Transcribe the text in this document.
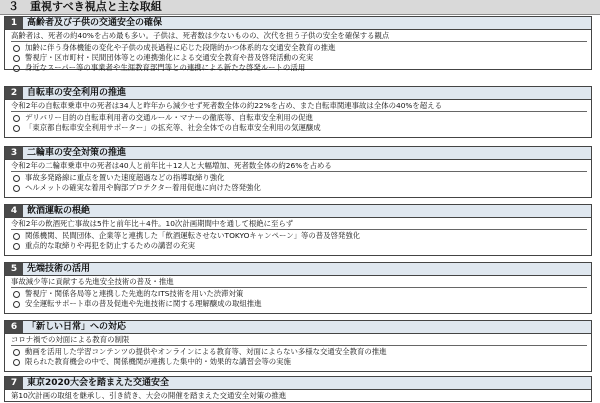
３　重視すべき視点と主な取組
1	高齢者及び子供の交通安全の確保
高齢者は、死者の約40%を占め最も多い。子供は、死者数は少ないものの、次代を担う子供の安全を確保する観点
加齢に伴う身体機能の変化や子供の成長過程に応じた段階的かつ体系的な交通安全教育の推進
警視庁・区市町村・民間団体等との連携強化による交通安全教育や普及啓発活動の充実
身近なスーパー等の事業者や生涯教育部門等との連携による新たな啓発ルートの活用
2	自転車の安全利用の推進
令和2年の自転車乗車中の死者は34人と昨年から減少せず死者数全体の約22%を占め、また自転車関連事故は全体の40%を超える
デリバリー目的の自転車利用者の交通ルール・マナーの徹底等、自転車安全利用の促進
「東京都自転車安全利用サポーター」の拡充等、社会全体での自転車安全利用の気運醸成
3	二輪車の安全対策の推進
令和2年の二輪車乗車中の死者は40人と前年比＋12人と大幅増加、死者数全体の約26%を占める
事故多発路線に重点を置いた速度超過などの指導取締り強化
ヘルメットの確実な着用や胸部プロテクター着用促進に向けた啓発強化
4	飲酒運転の根絶
令和2年の飲酒死亡事故は5件と前年比＋4件。10次計画期間中を通して根絶に至らず
関係機関、民間団体、企業等と連携した「飲酒運転させないTOKYOキャンペーン」等の普及啓発強化
重点的な取締りや再犯を防止するための講習の充実
5	先端技術の活用
事故減少等に貢献する先進安全技術の普及・推進
警視庁・関係各局等と連携した先進的なITS技術を用いた渋滞対策
安全運転サポート車の普及促進や先進技術に関する理解醸成の取組推進
6	「新しい日常」への対応
コロナ禍での対面による教育の制限
動画を活用した学習コンテンツの提供やオンラインによる教育等、対面によらない多様な交通安全教育の推進
限られた教育機会の中で、関係機関が連携した集中的・効果的な講習会等の実施
7	東京2020大会を踏まえた交通安全
第10次計画の取組を継承し、引き続き、大会の開催を踏まえた交通安全対策の推進
